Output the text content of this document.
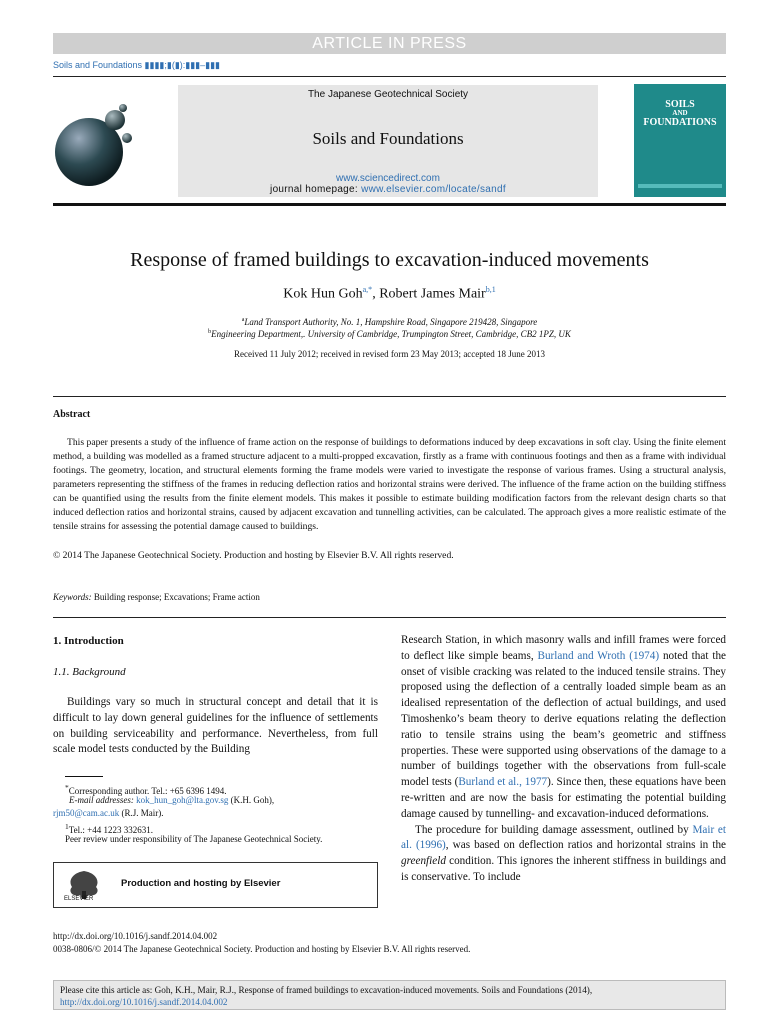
ARTICLE IN PRESS
Soils and Foundations ▮▮▮▮;▮(▮):▮▮▮–▮▮▮
The Japanese Geotechnical Society
Soils and Foundations
www.sciencedirect.com
journal homepage: www.elsevier.com/locate/sandf
SOILS
AND
FOUNDATIONS
Response of framed buildings to excavation-induced movements
Kok Hun Goh$^{a,*}$, Robert James Mair$^{b,1}$
$^a$Land Transport Authority, No. 1, Hampshire Road, Singapore 219428, Singapore
$^b$Engineering Department,. University of Cambridge, Trumpington Street, Cambridge, CB2 1PZ, UK
Received 11 July 2012; received in revised form 23 May 2013; accepted 18 June 2013
Abstract
This paper presents a study of the influence of frame action on the response of buildings to deformations induced by deep excavations in soft clay. Using the finite element method, a building was modelled as a framed structure adjacent to a multi-propped excavation, firstly as a frame with continuous footings and then as a frame with individual footings. The geometry, location, and structural elements forming the frame models were varied to investigate the response of various frames. Using a structural analysis, parameters representing the stiffness of the frames in reducing deflection ratios and horizontal strains were derived. The influence of the frame action on the building stiffness can be quantified using the results from the finite element models. This makes it possible to estimate building modification factors from the relevant design charts so that induced deflection ratios and horizontal strains, caused by adjacent excavation and tunnelling activities, can be calculated. The approach gives a more realistic estimate of the tensile strains for assessing the potential damage caused to buildings.
© 2014 The Japanese Geotechnical Society. Production and hosting by Elsevier B.V. All rights reserved.
Keywords: Building response; Excavations; Frame action
1. Introduction
1.1. Background
Buildings vary so much in structural concept and detail that it is difficult to lay down general guidelines for the influence of settlements on building serviceability and performance. Nevertheless, from full scale model tests conducted by the Building
*Corresponding author. Tel.: +65 6396 1494.
E-mail addresses: kok_hun_goh@lta.gov.sg (K.H. Goh),
rjm50@cam.ac.uk (R.J. Mair).
$^1$Tel.: +44 1223 332631.
Peer review under responsibility of The Japanese Geotechnical Society.
ELSEVIER
Production and hosting by Elsevier
Research Station, in which masonry walls and infill frames were forced to deflect like simple beams, Burland and Wroth (1974) noted that the onset of visible cracking was related to the induced tensile strains. They proposed using the deflection of a centrally loaded simple beam as an idealised representation of the deflection of actual buildings, and used Timoshenko’s beam theory to derive equations relating the deflection ratio to tensile strains using the beam’s geometric and stiffness properties. These were supported using observations of the damage to a number of buildings together with the observations from full-scale model tests (Burland et al., 1977). Since then, these equations have been re-written and are now the basis for estimating the potential building damage caused by tunnelling- and excavation-induced deformations.
The procedure for building damage assessment, outlined by Mair et al. (1996), was based on deflection ratios and horizontal strains in the greenfield condition. This ignores the inherent stiffness in buildings and is conservative. To include
http://dx.doi.org/10.1016/j.sandf.2014.04.002
0038-0806/© 2014 The Japanese Geotechnical Society. Production and hosting by Elsevier B.V. All rights reserved.
Please cite this article as: Goh, K.H., Mair, R.J., Response of framed buildings to excavation-induced movements. Soils and Foundations (2014), http://dx.doi.org/10.1016/j.sandf.2014.04.002
